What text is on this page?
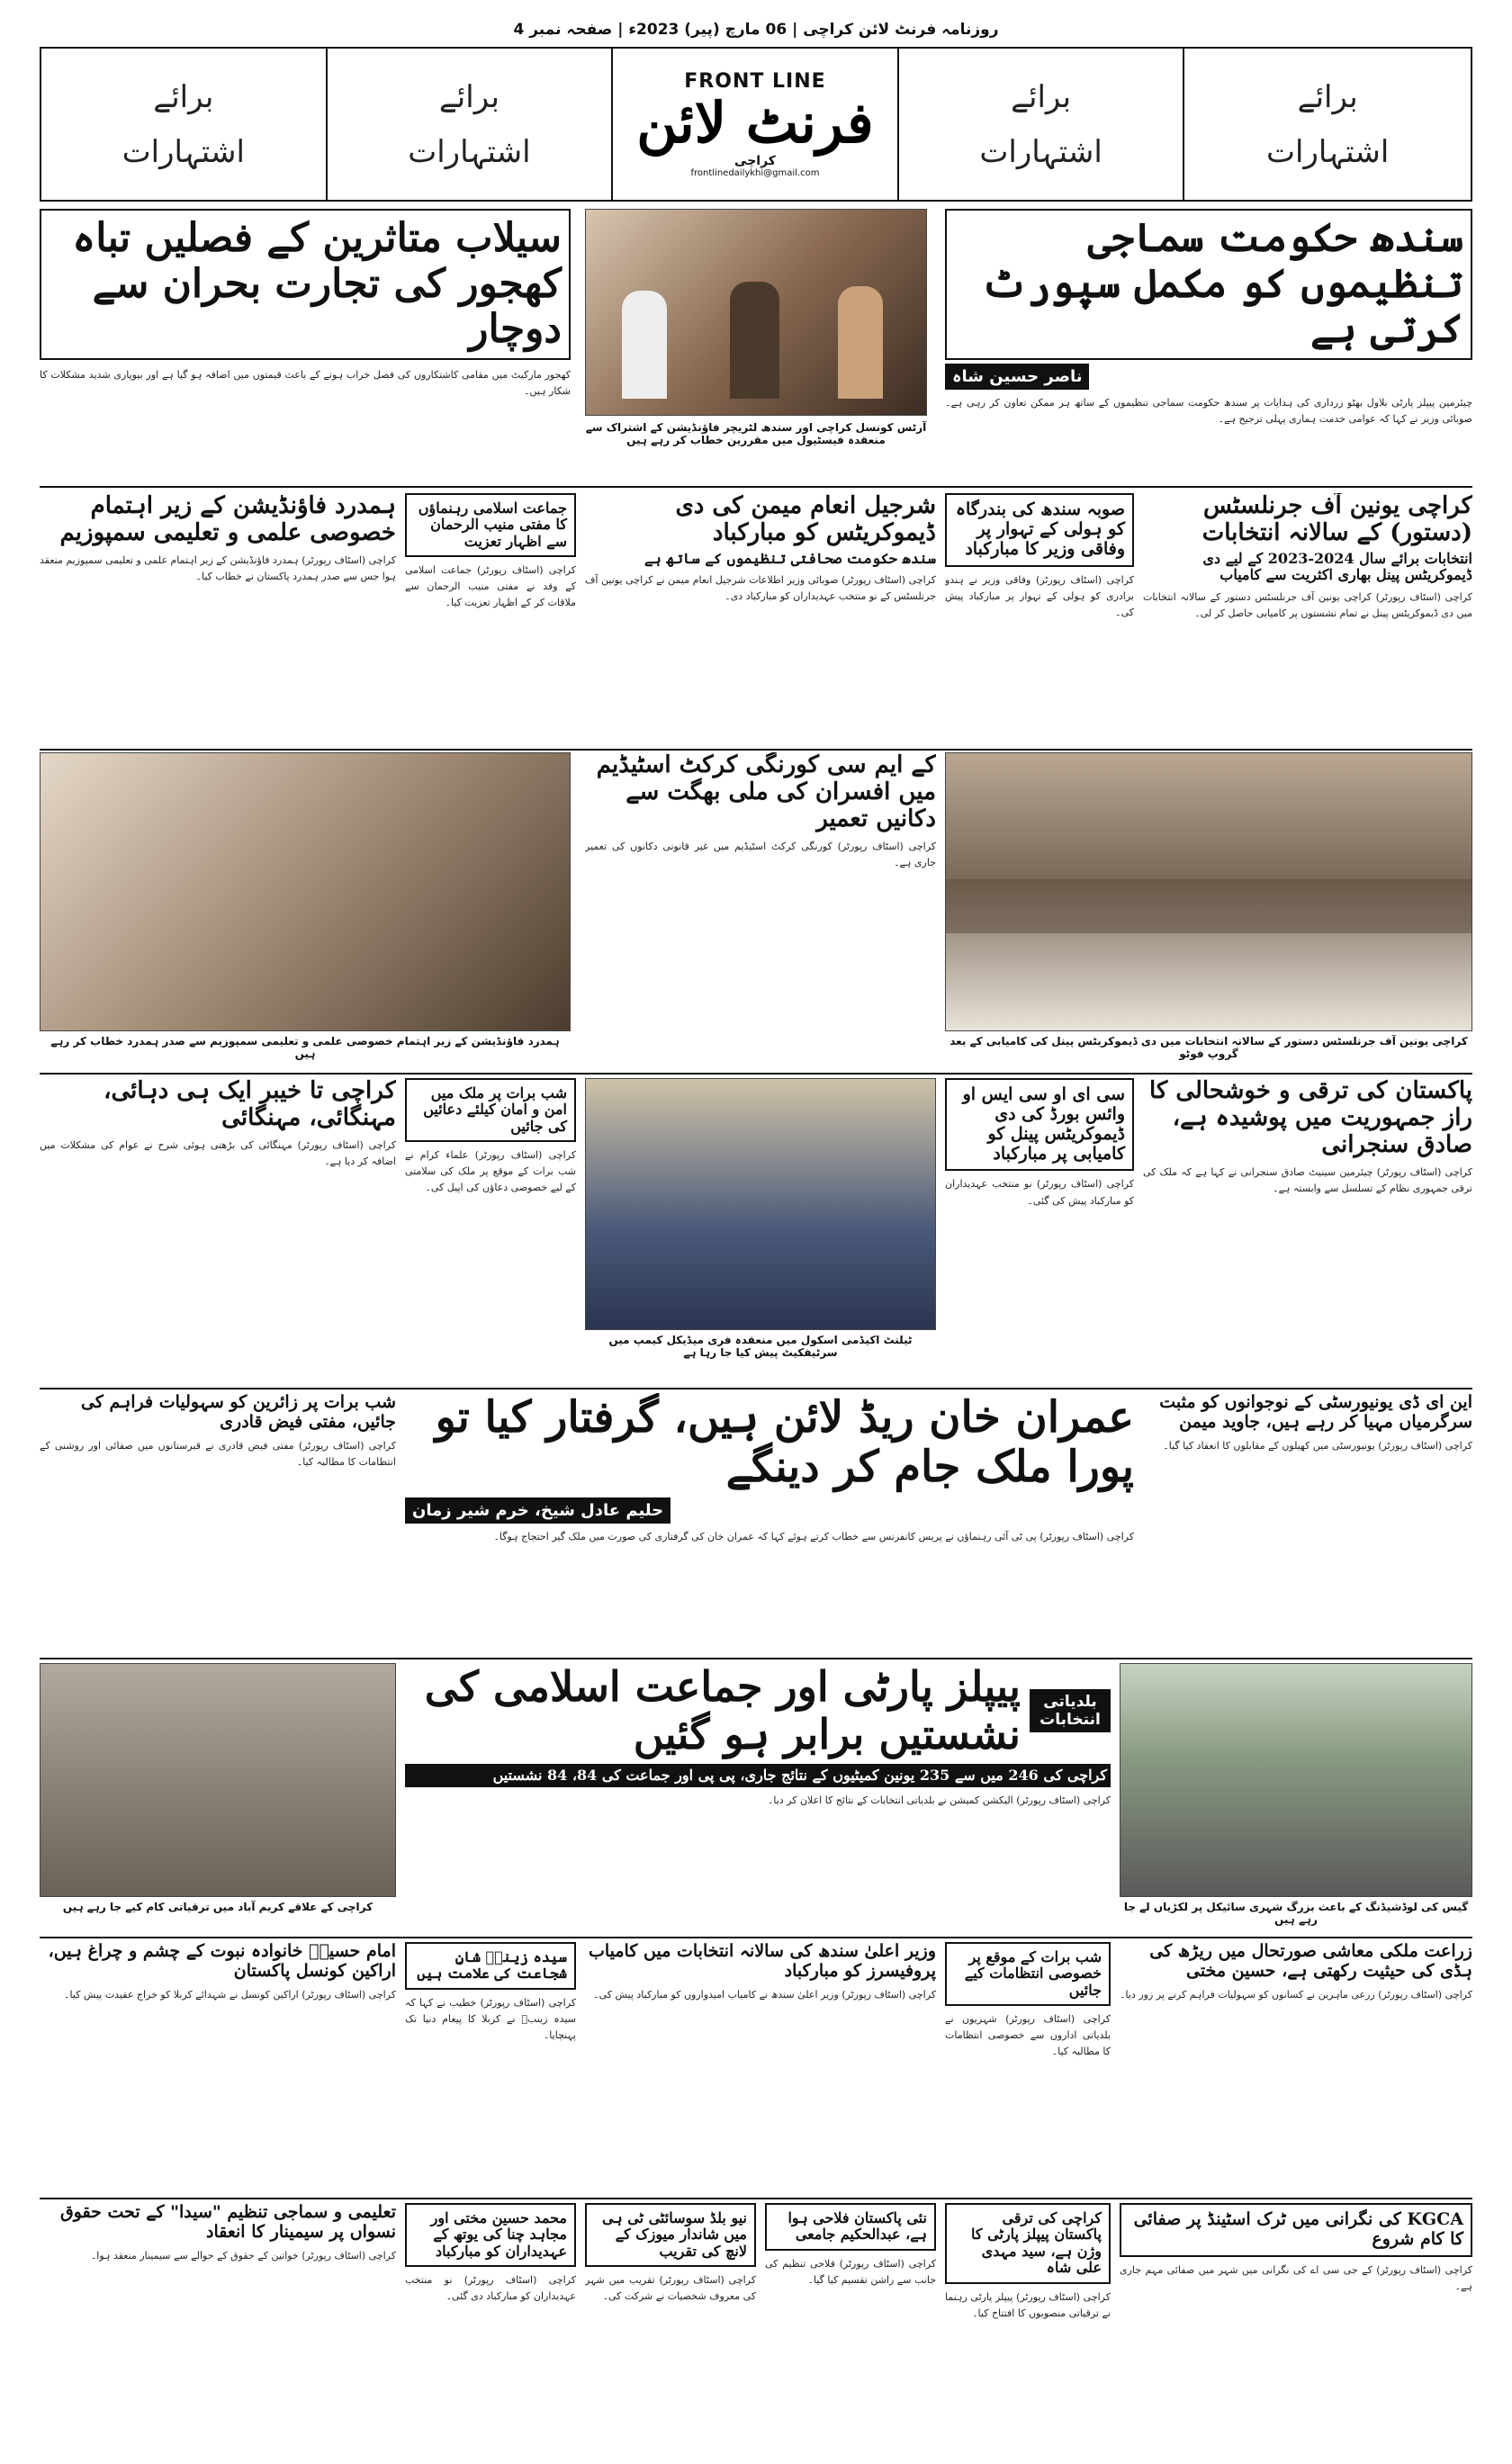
روزنامہ فرنٹ لائن کراچی | 06 مارچ (پیر) 2023ء | صفحہ نمبر 4
برائے
اشتہارات
برائے
اشتہارات
FRONT LINE
فرنٹ لائن
کراچی
frontlinedailykhi@gmail.com
برائے
اشتہارات
برائے
اشتہارات
سندھ حکومت سماجی تنظیموں کو مکمل سپورٹ کرتی ہے
ناصر حسین شاہ
چیئرمین پیپلز پارٹی بلاول بھٹو زرداری کی ہدایات پر سندھ حکومت سماجی تنظیموں کے ساتھ ہر ممکن تعاون کر رہی ہے۔ صوبائی وزیر نے کہا کہ عوامی خدمت ہماری پہلی ترجیح ہے۔
آرٹس کونسل کراچی اور سندھ لٹریچر فاؤنڈیشن کے اشتراک سے منعقدہ فیسٹیول میں مقررین خطاب کر رہے ہیں
سیلاب متاثرین کے فصلیں تباہ کھجور کی تجارت بحران سے دوچار
کھجور مارکیٹ میں مقامی کاشتکاروں کی فصل خراب ہونے کے باعث قیمتوں میں اضافہ ہو گیا ہے اور بیوپاری شدید مشکلات کا شکار ہیں۔
کراچی یونین آف جرنلسٹس (دستور) کے سالانہ انتخابات
انتخابات برائے سال 2024-2023 کے لیے دی ڈیموکریٹس پینل بھاری اکثریت سے کامیاب
کراچی (اسٹاف رپورٹر) کراچی یونین آف جرنلسٹس دستور کے سالانہ انتخابات میں دی ڈیموکریٹس پینل نے تمام نشستوں پر کامیابی حاصل کر لی۔
صوبہ سندھ کی بندرگاہ کو ہولی کے تہوار پر وفاقی وزیر کا مبارکباد
کراچی (اسٹاف رپورٹر) وفاقی وزیر نے ہندو برادری کو ہولی کے تہوار پر مبارکباد پیش کی۔
شرجیل انعام میمن کی دی ڈیموکریٹس کو مبارکباد
سندھ حکومت صحافتی تنظیموں کے ساتھ ہے
کراچی (اسٹاف رپورٹر) صوبائی وزیر اطلاعات شرجیل انعام میمن نے کراچی یونین آف جرنلسٹس کے نو منتخب عہدیداران کو مبارکباد دی۔
جماعت اسلامی رہنماؤں کا مفتی منیب الرحمان سے اظہار تعزیت
کراچی (اسٹاف رپورٹر) جماعت اسلامی کے وفد نے مفتی منیب الرحمان سے ملاقات کر کے اظہار تعزیت کیا۔
ہمدرد فاؤنڈیشن کے زیر اہتمام خصوصی علمی و تعلیمی سمپوزیم
کراچی (اسٹاف رپورٹر) ہمدرد فاؤنڈیشن کے زیر اہتمام علمی و تعلیمی سمپوزیم منعقد ہوا جس سے صدر ہمدرد پاکستان نے خطاب کیا۔
کراچی یونین آف جرنلسٹس دستور کے سالانہ انتخابات میں دی ڈیموکریٹس پینل کی کامیابی کے بعد گروپ فوٹو
کے ایم سی کورنگی کرکٹ اسٹیڈیم میں افسران کی ملی بھگت سے دکانیں تعمیر
کراچی (اسٹاف رپورٹر) کورنگی کرکٹ اسٹیڈیم میں غیر قانونی دکانوں کی تعمیر جاری ہے۔
ہمدرد فاؤنڈیشن کے زیر اہتمام خصوصی علمی و تعلیمی سمپوزیم سے صدر ہمدرد خطاب کر رہے ہیں
پاکستان کی ترقی و خوشحالی کا راز جمہوریت میں پوشیدہ ہے، صادق سنجرانی
کراچی (اسٹاف رپورٹر) چیئرمین سینیٹ صادق سنجرانی نے کہا ہے کہ ملک کی ترقی جمہوری نظام کے تسلسل سے وابستہ ہے۔
سی ای او سی ایس او وائس بورڈ کی دی ڈیموکریٹس پینل کو کامیابی پر مبارکباد
کراچی (اسٹاف رپورٹر) نو منتخب عہدیداران کو مبارکباد پیش کی گئی۔
ٹیلنٹ اکیڈمی اسکول میں منعقدہ فری میڈیکل کیمپ میں سرٹیفکیٹ پیش کیا جا رہا ہے
شب برات پر ملک میں امن و امان کیلئے دعائیں کی جائیں
کراچی (اسٹاف رپورٹر) علماء کرام نے شب برات کے موقع پر ملک کی سلامتی کے لیے خصوصی دعاؤں کی اپیل کی۔
کراچی تا خیبر ایک ہی دہائی، مہنگائی، مہنگائی
کراچی (اسٹاف رپورٹر) مہنگائی کی بڑھتی ہوئی شرح نے عوام کی مشکلات میں اضافہ کر دیا ہے۔
این ای ڈی یونیورسٹی کے نوجوانوں کو مثبت سرگرمیاں مہیا کر رہے ہیں، جاوید میمن
کراچی (اسٹاف رپورٹر) یونیورسٹی میں کھیلوں کے مقابلوں کا انعقاد کیا گیا۔
عمران خان ریڈ لائن ہیں، گرفتار کیا تو پورا ملک جام کر دینگے
حلیم عادل شیخ، خرم شیر زمان
کراچی (اسٹاف رپورٹر) پی ٹی آئی رہنماؤں نے پریس کانفرنس سے خطاب کرتے ہوئے کہا کہ عمران خان کی گرفتاری کی صورت میں ملک گیر احتجاج ہوگا۔
شب برات پر زائرین کو سہولیات فراہم کی جائیں، مفتی فیض قادری
کراچی (اسٹاف رپورٹر) مفتی فیض قادری نے قبرستانوں میں صفائی اور روشنی کے انتظامات کا مطالبہ کیا۔
گیس کی لوڈشیڈنگ کے باعث بزرگ شہری سائیکل پر لکڑیاں لے جا رہے ہیں
بلدیاتی انتخابات
پیپلز پارٹی اور جماعت اسلامی کی نشستیں برابر ہو گئیں
کراچی کی 246 میں سے 235 یونین کمیٹیوں کے نتائج جاری، پی پی اور جماعت کی 84، 84 نشستیں
کراچی (اسٹاف رپورٹر) الیکشن کمیشن نے بلدیاتی انتخابات کے نتائج کا اعلان کر دیا۔
کراچی کے علاقے کریم آباد میں ترقیاتی کام کیے جا رہے ہیں
زراعت ملکی معاشی صورتحال میں ریڑھ کی ہڈی کی حیثیت رکھتی ہے، حسین مختی
کراچی (اسٹاف رپورٹر) زرعی ماہرین نے کسانوں کو سہولیات فراہم کرنے پر زور دیا۔
شب برات کے موقع پر خصوصی انتظامات کیے جائیں
کراچی (اسٹاف رپورٹر) شہریوں نے بلدیاتی اداروں سے خصوصی انتظامات کا مطالبہ کیا۔
وزیر اعلیٰ سندھ کی سالانہ انتخابات میں کامیاب پروفیسرز کو مبارکباد
کراچی (اسٹاف رپورٹر) وزیر اعلیٰ سندھ نے کامیاب امیدواروں کو مبارکباد پیش کی۔
سیدہ زینبؓ شانِ شجاعت کی علامت ہیں
کراچی (اسٹاف رپورٹر) خطیب نے کہا کہ سیدہ زینبؓ نے کربلا کا پیغام دنیا تک پہنچایا۔
امام حسینؓ خانوادہ نبوت کے چشم و چراغ ہیں، اراکین کونسل پاکستان
کراچی (اسٹاف رپورٹر) اراکین کونسل نے شہدائے کربلا کو خراج عقیدت پیش کیا۔
KGCA کی نگرانی میں ٹرک اسٹینڈ پر صفائی کا کام شروع
کراچی (اسٹاف رپورٹر) کے جی سی اے کی نگرانی میں شہر میں صفائی مہم جاری ہے۔
کراچی کی ترقی پاکستان پیپلز پارٹی کا وژن ہے، سید مہدی علی شاہ
کراچی (اسٹاف رپورٹر) پیپلز پارٹی رہنما نے ترقیاتی منصوبوں کا افتتاح کیا۔
نئی پاکستان فلاحی ہوا ہے، عبدالحکیم جامعی
کراچی (اسٹاف رپورٹر) فلاحی تنظیم کی جانب سے راشن تقسیم کیا گیا۔
نیو بلڈ سوسائٹی ٹی ہی میں شاندار میوزک کے لانچ کی تقریب
کراچی (اسٹاف رپورٹر) تقریب میں شہر کی معروف شخصیات نے شرکت کی۔
محمد حسین مختی اور مجاہد چنا کی یوتھ کے عہدیداران کو مبارکباد
کراچی (اسٹاف رپورٹر) نو منتخب عہدیداران کو مبارکباد دی گئی۔
تعلیمی و سماجی تنظیم "سیدا" کے تحت حقوق نسواں پر سیمینار کا انعقاد
کراچی (اسٹاف رپورٹر) خواتین کے حقوق کے حوالے سے سیمینار منعقد ہوا۔
